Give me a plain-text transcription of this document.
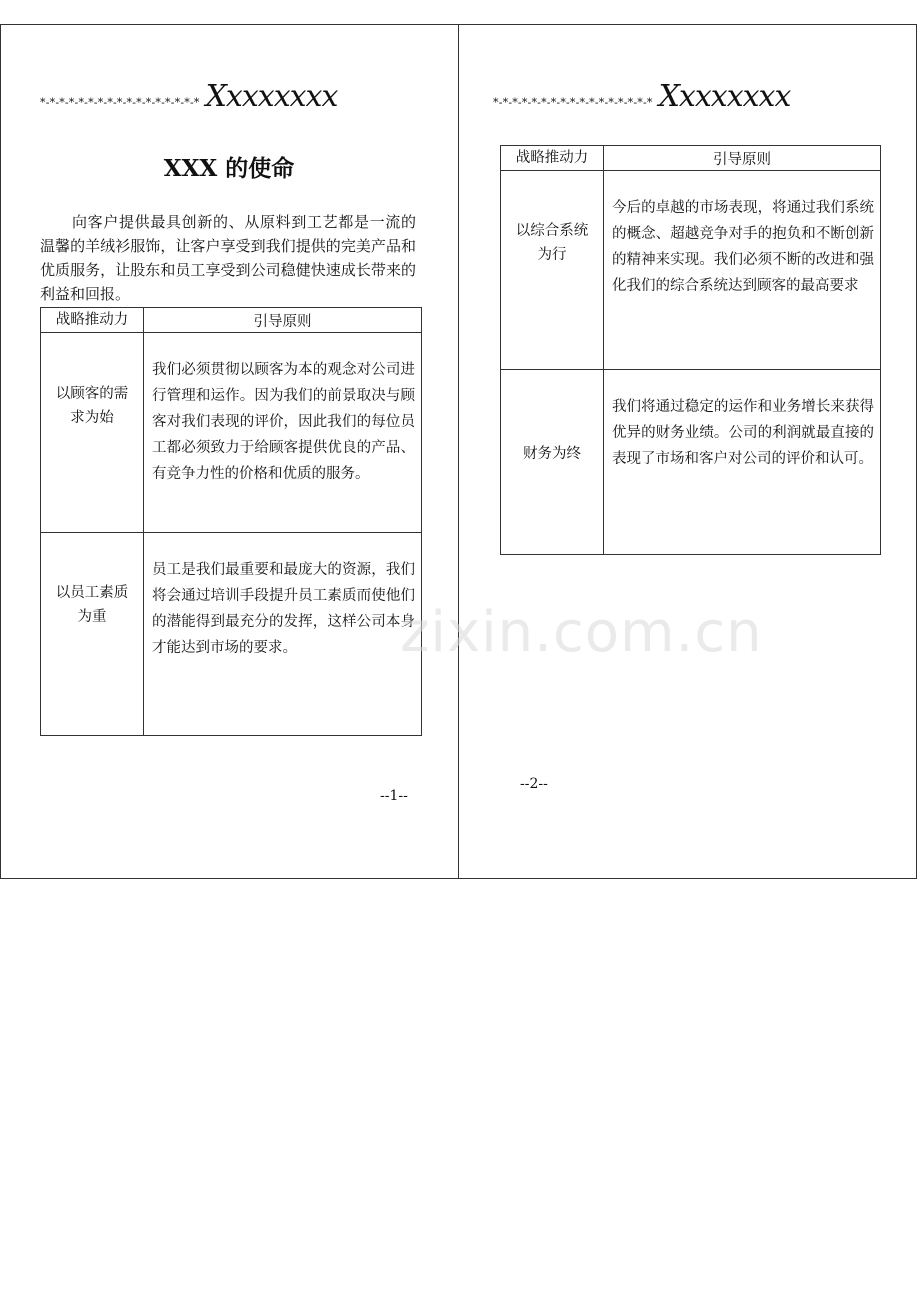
*-*-*-*-*-*-*-*-*-*-*-*-*-*-*-*-* Xxxxxxxx
XXX 的使命

向客户提供最具创新的、从原料到工艺都是一流的温馨的羊绒衫服饰，让客户享受到我们提供的完美产品和优质服务，让股东和员工享受到公司稳健快速成长带来的利益和回报。

战略推动力	引导原则

以顾客的需求为始	我们必须贯彻以顾客为本的观念对公司进行管理和运作。因为我们的前景取决与顾客对我们表现的评价，因此我们的每位员工都必须致力于给顾客提供优良的产品、有竞争力性的价格和优质的服务。

以员工素质为重	员工是我们最重要和最庞大的资源，我们将会通过培训手段提升员工素质而使他们的潜能得到最充分的发挥，这样公司本身才能达到市场的要求。
--1--
*-*-*-*-*-*-*-*-*-*-*-*-*-*-*-*-* Xxxxxxxx
战略推动力	引导原则

以综合系统为行	今后的卓越的市场表现，将通过我们系统的概念、超越竞争对手的抱负和不断创新的精神来实现。我们必须不断的改进和强化我们的综合系统达到顾客的最高要求

财务为终	我们将通过稳定的运作和业务增长来获得优异的财务业绩。公司的利润就最直接的表现了市场和客户对公司的评价和认可。
--2--
zixin.com.cn
